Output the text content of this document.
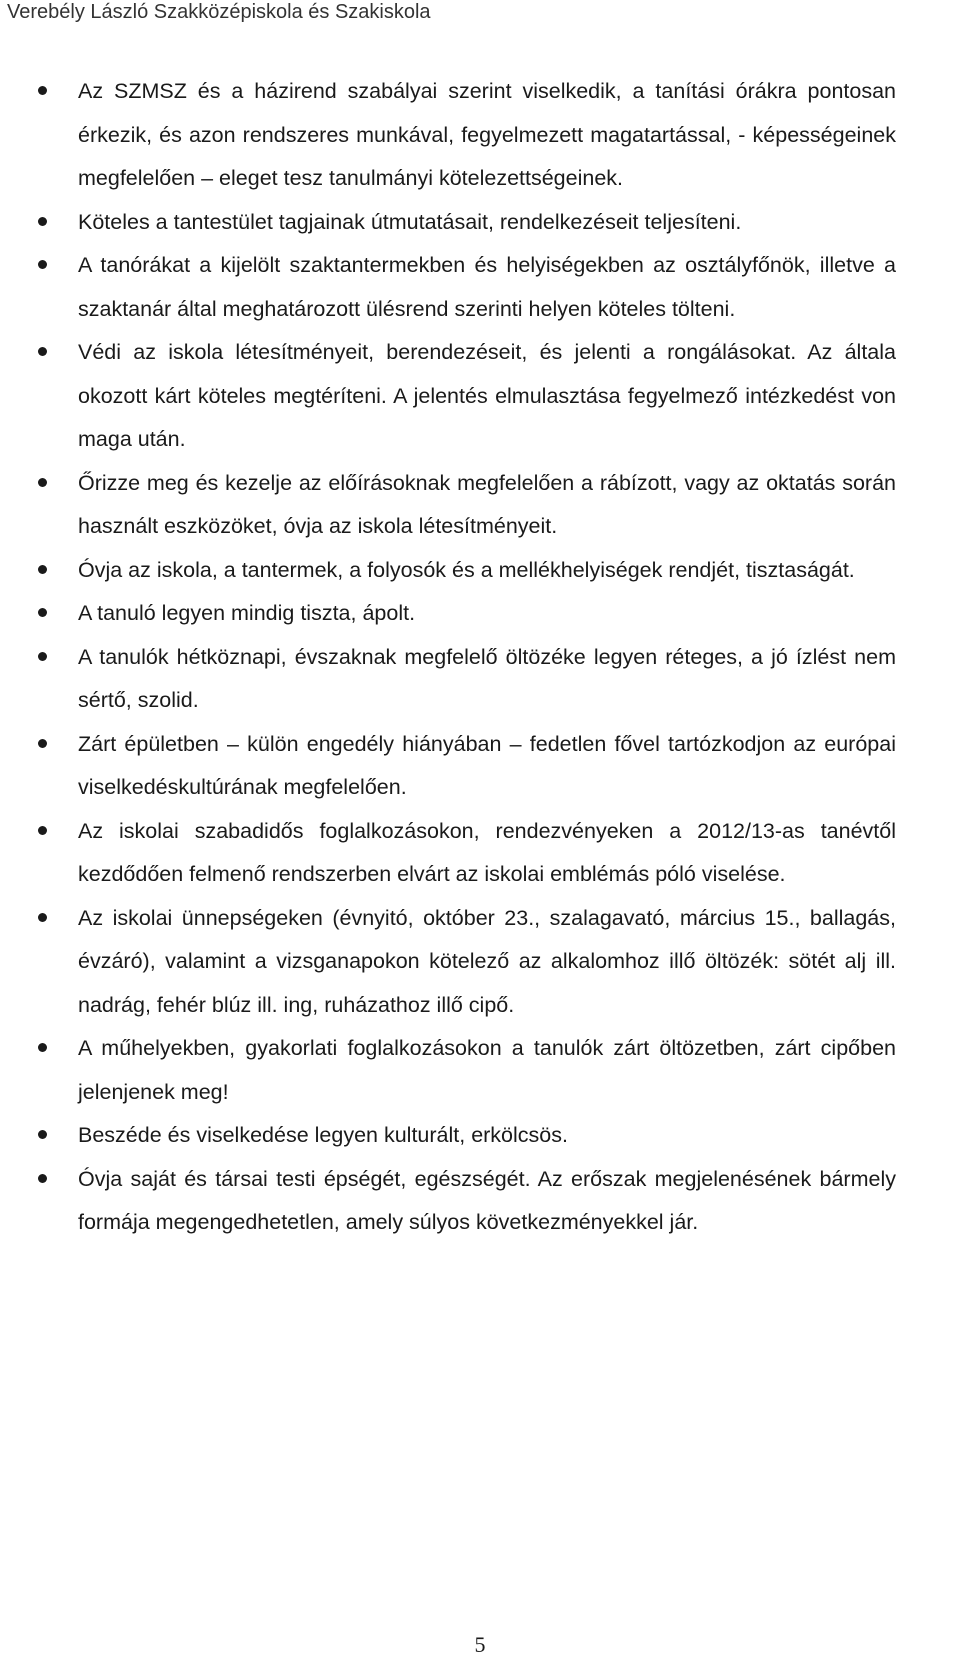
Verebély László Szakközépiskola és Szakiskola
Az SZMSZ és a házirend szabályai szerint viselkedik, a tanítási órákra pontosan érkezik, és azon rendszeres munkával, fegyelmezett magatartással, - képességeinek megfelelően – eleget tesz tanulmányi kötelezettségeinek.
Köteles a tantestület tagjainak útmutatásait, rendelkezéseit teljesíteni.
A tanórákat a kijelölt szaktantermekben és helyiségekben az osztályfőnök, illetve a szaktanár által meghatározott ülésrend szerinti helyen köteles tölteni.
Védi az iskola létesítményeit, berendezéseit, és jelenti a rongálásokat. Az általa okozott kárt köteles megtéríteni. A jelentés elmulasztása fegyelmező intézkedést von maga után.
Őrizze meg és kezelje az előírásoknak megfelelően a rábízott, vagy az oktatás során használt eszközöket, óvja az iskola létesítményeit.
Óvja az iskola, a tantermek, a folyosók és a mellékhelyiségek rendjét, tisztaságát.
A tanuló legyen mindig tiszta, ápolt.
A tanulók hétköznapi, évszaknak megfelelő öltözéke legyen réteges, a jó ízlést nem sértő, szolid.
Zárt épületben – külön engedély hiányában – fedetlen fővel tartózkodjon az európai viselkedéskultúrának megfelelően.
Az iskolai szabadidős foglalkozásokon, rendezvényeken a 2012/13-as tanévtől kezdődően felmenő rendszerben elvárt az iskolai emblémás póló viselése.
Az iskolai ünnepségeken (évnyitó, október 23., szalagavató, március 15., ballagás, évzáró), valamint a vizsganapokon kötelező az alkalomhoz illő öltözék: sötét alj ill. nadrág, fehér blúz ill. ing, ruházathoz illő cipő.
A műhelyekben, gyakorlati foglalkozásokon a tanulók zárt öltözetben, zárt cipőben jelenjenek meg!
Beszéde és viselkedése legyen kulturált, erkölcsös.
Óvja saját és társai testi épségét, egészségét. Az erőszak megjelenésének bármely formája megengedhetetlen, amely súlyos következményekkel jár.
5
